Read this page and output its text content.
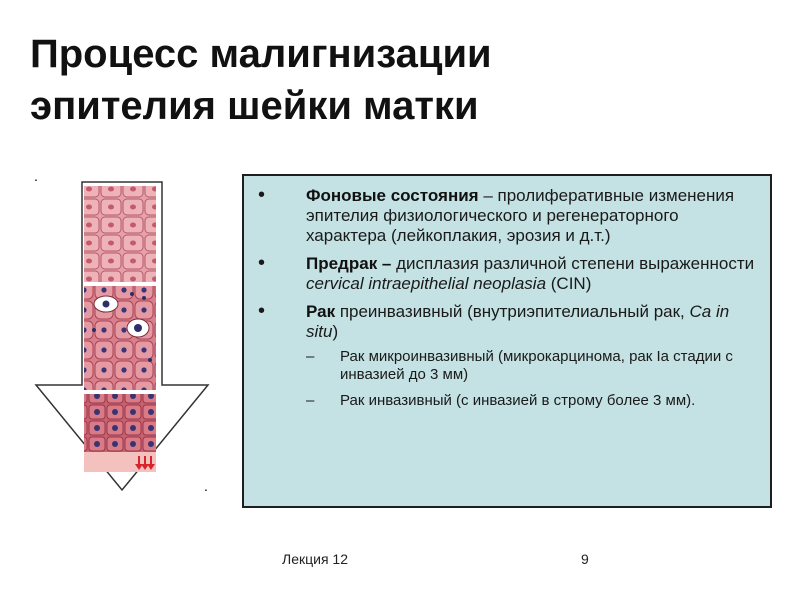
Процесс малигнизации
эпителия шейки матки
.
.
• Фоновые состояния – пролиферативные изменения эпителия физиологического и регенераторного характера (лейкоплакия, эрозия и д.т.)
• Предрак – дисплазия различной степени выраженности cervical intraepithelial neoplasia (CIN)
• Рак преинвазивный (внутриэпителиальный рак, Ca in situ)
– Рак микроинвазивный (микрокарцинома, рак Ia стадии с инвазией до 3 мм)
– Рак инвазивный (с инвазией в строму более 3 мм).
Лекция 12	9
